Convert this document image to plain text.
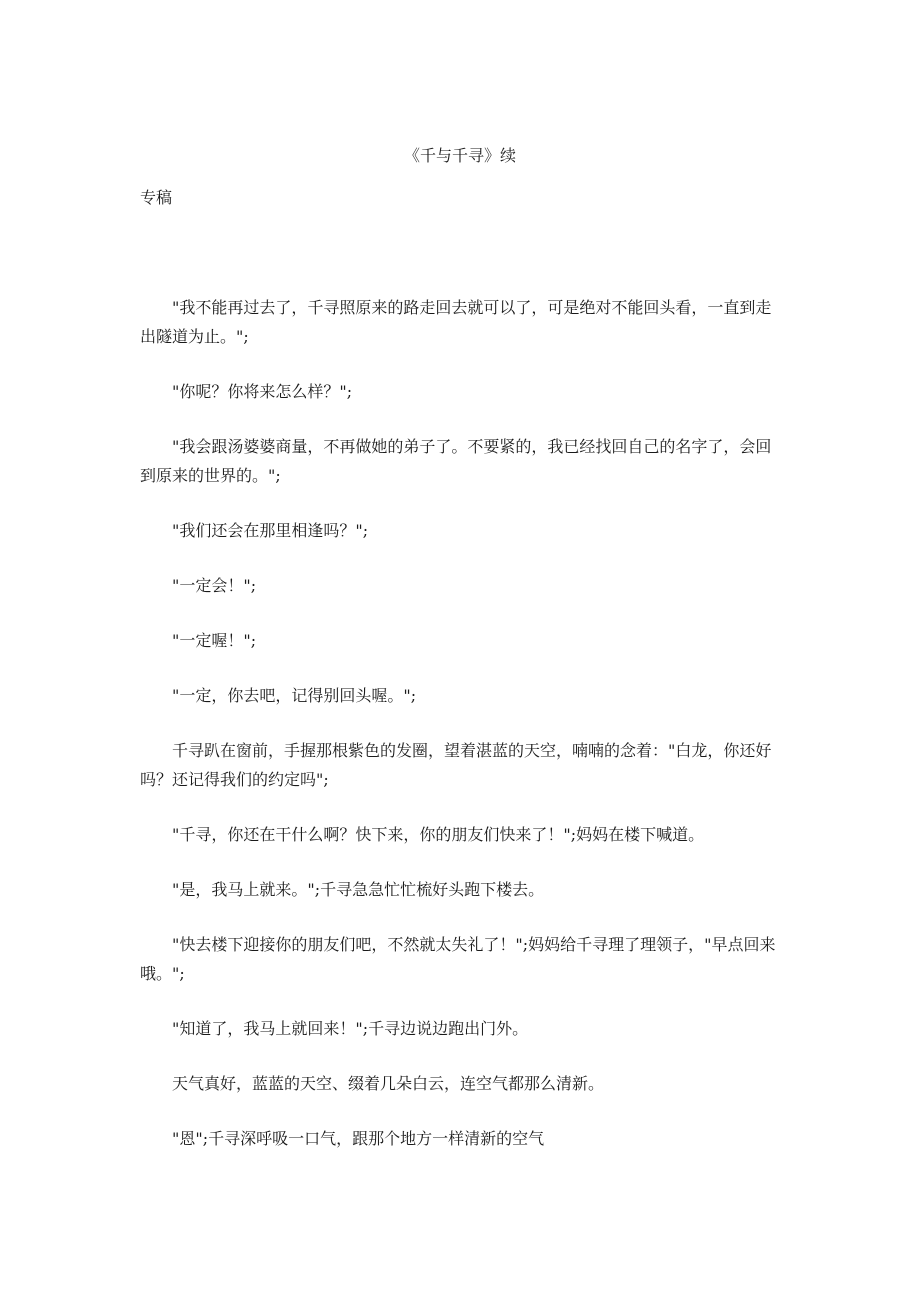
《千与千寻》续
专稿

"我不能再过去了，千寻照原来的路走回去就可以了，可是绝对不能回头看，一直到走出隧道为止。";

"你呢？你将来怎么样？";

"我会跟汤婆婆商量，不再做她的弟子了。不要紧的，我已经找回自己的名字了，会回到原来的世界的。";

"我们还会在那里相逢吗？";

"一定会！";

"一定喔！";

"一定，你去吧，记得别回头喔。";

千寻趴在窗前，手握那根紫色的发圈，望着湛蓝的天空，喃喃的念着："白龙，你还好吗？还记得我们的约定吗";

"千寻，你还在干什么啊？快下来，你的朋友们快来了！";妈妈在楼下喊道。

"是，我马上就来。";千寻急急忙忙梳好头跑下楼去。

"快去楼下迎接你的朋友们吧，不然就太失礼了！";妈妈给千寻理了理领子，"早点回来哦。";

"知道了，我马上就回来！";千寻边说边跑出门外。

天气真好，蓝蓝的天空、缀着几朵白云，连空气都那么清新。

"恩";千寻深呼吸一口气，跟那个地方一样清新的空气
